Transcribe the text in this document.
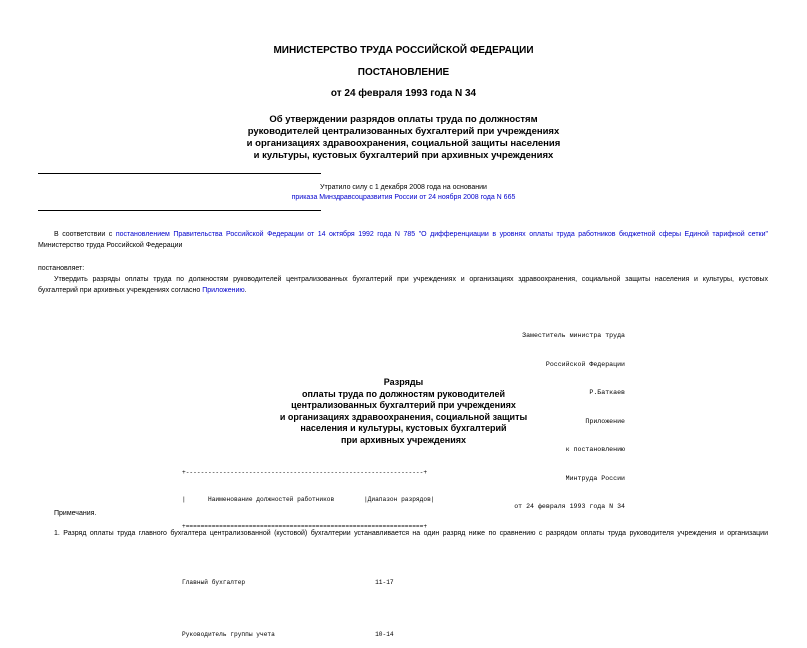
МИНИСТЕРСТВО ТРУДА РОССИЙСКОЙ ФЕДЕРАЦИИ
ПОСТАНОВЛЕНИЕ
от 24 февраля 1993 года N 34
Об утверждении разрядов оплаты труда по должностям
руководителей централизованных бухгалтерий при учреждениях
и организациях здравоохранения, социальной защиты населения
и культуры, кустовых бухгалтерий при архивных учреждениях
Утратило силу с 1 декабря 2008 года на основании
приказа Минздравсоцразвития России от 24 ноября 2008 года N 665
В соответствии с постановлением Правительства Российской Федерации от 14 октября 1992 года N 785 "О дифференциации в уровнях оплаты труда работников бюджетной сферы Единой тарифной сетки"
Министерство труда Российской Федерации
постановляет:
Утвердить разряды оплаты труда по должностям руководителей централизованных бухгалтерий при учреждениях и организациях здравоохранения, социальной защиты населения и культуры, кустовых
бухгалтерий при архивных учреждениях согласно Приложению.

Заместитель министра труда

Российской Федерации

Р.Баткаев

Приложение

к постановлению

Минтруда России

от 24 февраля 1993 года N 34

Разряды
оплаты труда по должностям руководителей
централизованных бухгалтерий при учреждениях
и организациях здравоохранения, социальной защиты
населения и культуры, кустовых бухгалтерий
при архивных учреждениях

+----------------------------------------------------------------+

|      Наименование должностей работников        |Диапазон разрядов|

+================================================================+

Главный бухгалтер                                   11-17

Руководитель группы учета                           10-14

Примечания.
1. Разряд оплаты труда главного бухгалтера централизованной (кустовой) бухгалтерии устанавливается на один разряд ниже по сравнению с разрядом оплаты труда руководителя учреждения и организации
